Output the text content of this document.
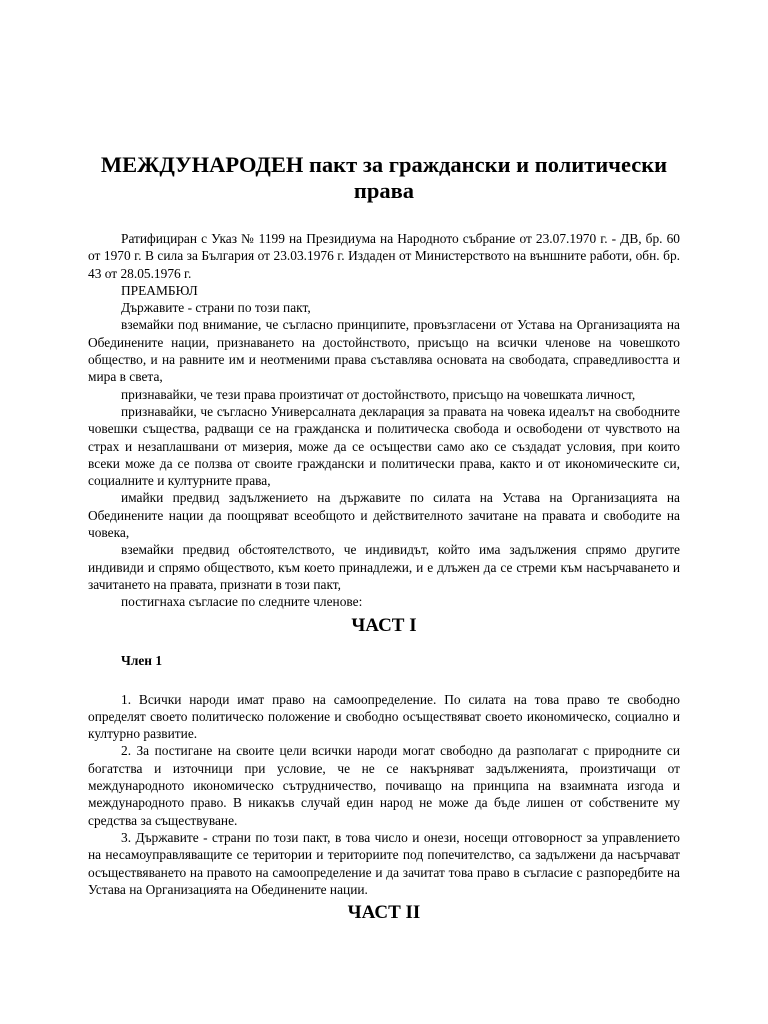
МЕЖДУНАРОДЕН пакт за граждански и политически права

Ратифициран с Указ № 1199 на Президиума на Народното събрание от 23.07.1970 г. - ДВ, бр. 60 от 1970 г. В сила за България от 23.03.1976 г. Издаден от Министерството на външните работи, обн. бр. 43 от 28.05.1976 г.

ПРЕАМБЮЛ

Държавите - страни по този пакт,

вземайки под внимание, че съгласно принципите, провъзгласени от Устава на Организацията на Обединените нации, признаването на достойнството, присъщо на всички членове на човешкото общество, и на равните им и неотменими права съставлява основата на свободата, справедливостта и мира в света,

признавайки, че тези права произтичат от достойнството, присъщо на човешката личност,

признавайки, че съгласно Универсалната декларация за правата на човека идеалът на свободните човешки същества, радващи се на гражданска и политическа свобода и освободени от чувството на страх и незаплашвани от мизерия, може да се осъществи само ако се създадат условия, при които всеки може да се ползва от своите граждански и политически права, както и от икономическите си, социалните и културните права,

имайки предвид задължението на държавите по силата на Устава на Организацията на Обединените нации да поощряват всеобщото и действителното зачитане на правата и свободите на човека,

вземайки предвид обстоятелството, че индивидът, който има задължения спрямо другите индивиди и спрямо обществото, към което принадлежи, и е длъжен да се стреми към насърчаването и зачитането на правата, признати в този пакт,

постигнаха съгласие по следните членове:

ЧАСТ I
Член 1

1. Всички народи имат право на самоопределение. По силата на това право те свободно определят своето политическо положение и свободно осъществяват своето икономическо, социално и културно развитие.

2. За постигане на своите цели всички народи могат свободно да разполагат с природните си богатства и източници при условие, че не се накърняват задълженията, произтичащи от международното икономическо сътрудничество, почиващо на принципа на взаимната изгода и международното право. В никакъв случай един народ не може да бъде лишен от собствените му средства за съществуване.

3. Държавите - страни по този пакт, в това число и онези, носещи отговорност за управлението на несамоуправляващите се територии и териториите под попечителство, са задължени да насърчават осъществяването на правото на самоопределение и да зачитат това право в съгласие с разпоредбите на Устава на Организацията на Обединените нации.

ЧАСТ II
